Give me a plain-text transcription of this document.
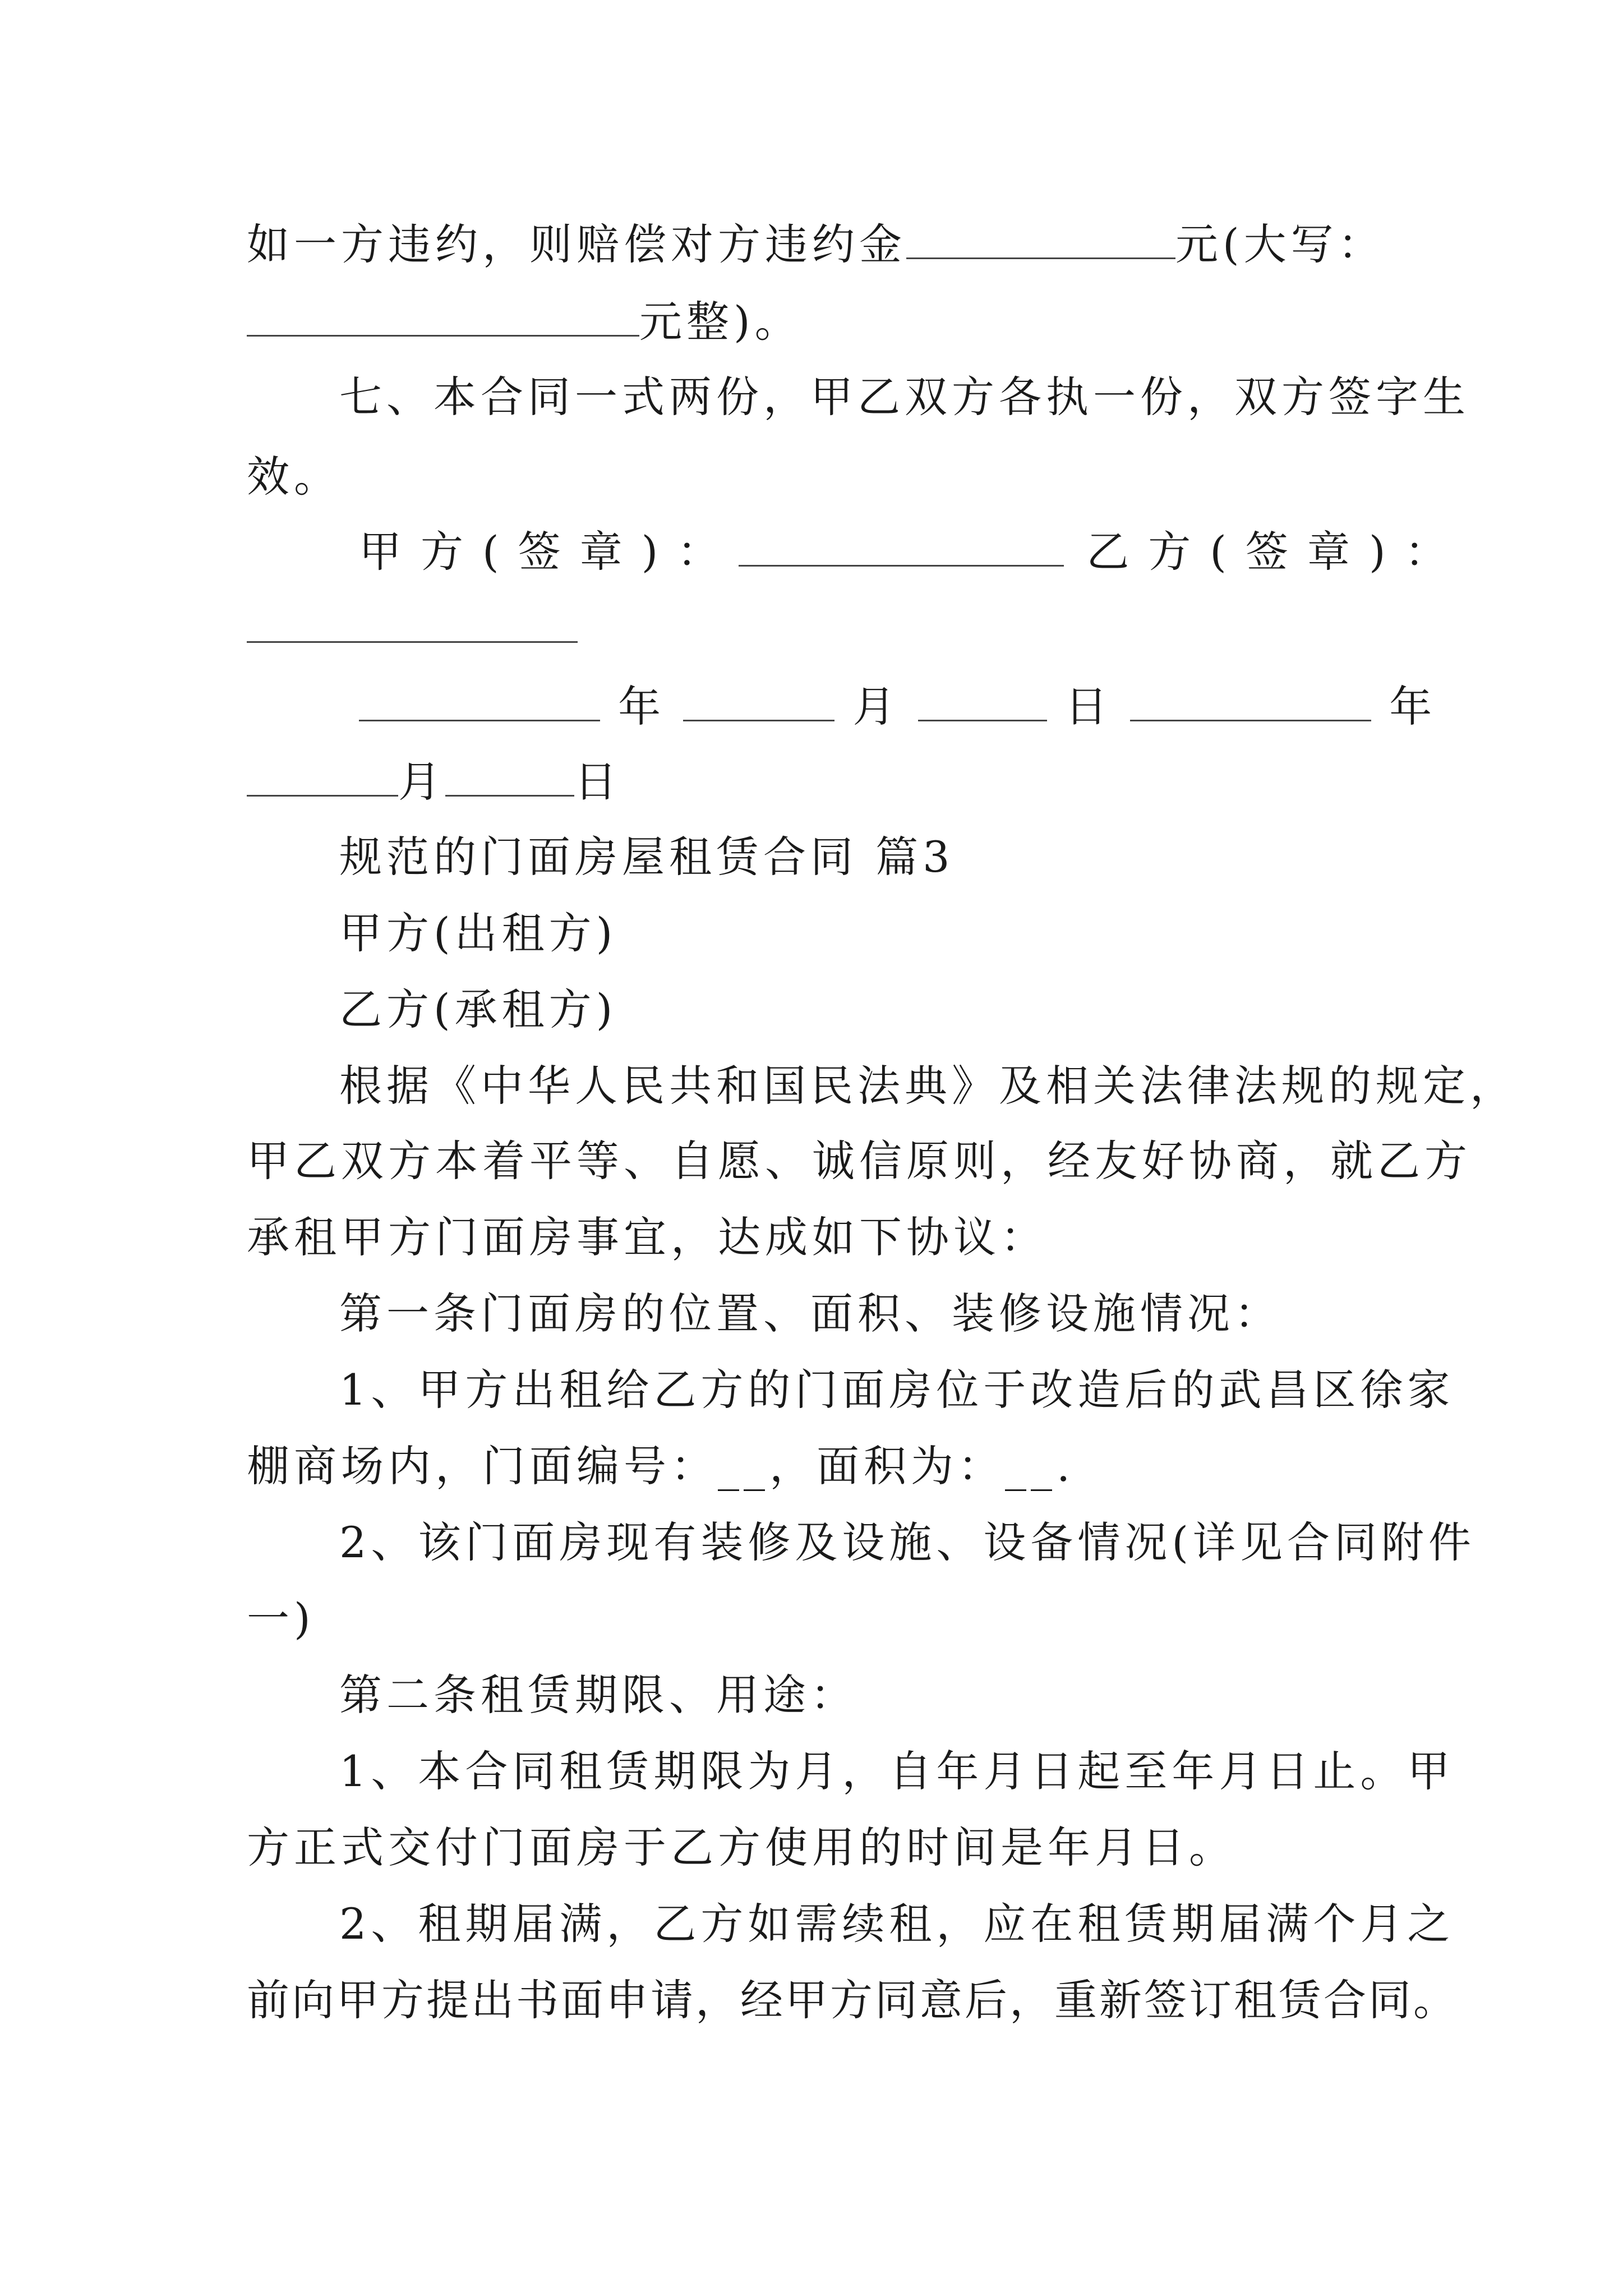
如一方违约，则赔偿对方违约金	元(大写：
元整)。
七、本合同一式两份，甲乙双方各执一份，双方签字生
效。
甲方(签章)：	乙方(签章)：
年	月	日	年
月	日
规范的门面房屋租赁合同 篇3
甲方(出租方)
乙方(承租方)
根据《中华人民共和国民法典》及相关法律法规的规定，
甲乙双方本着平等、自愿、诚信原则，经友好协商，就乙方
承租甲方门面房事宜，达成如下协议：
第一条门面房的位置、面积、装修设施情况：
1、甲方出租给乙方的门面房位于改造后的武昌区徐家
棚商场内，门面编号：__，面积为：__.
2、该门面房现有装修及设施、设备情况(详见合同附件
一)
第二条租赁期限、用途：
1、本合同租赁期限为月，自年月日起至年月日止。甲
方正式交付门面房于乙方使用的时间是年月日。
2、租期届满，乙方如需续租，应在租赁期届满个月之
前向甲方提出书面申请，经甲方同意后，重新签订租赁合同。
